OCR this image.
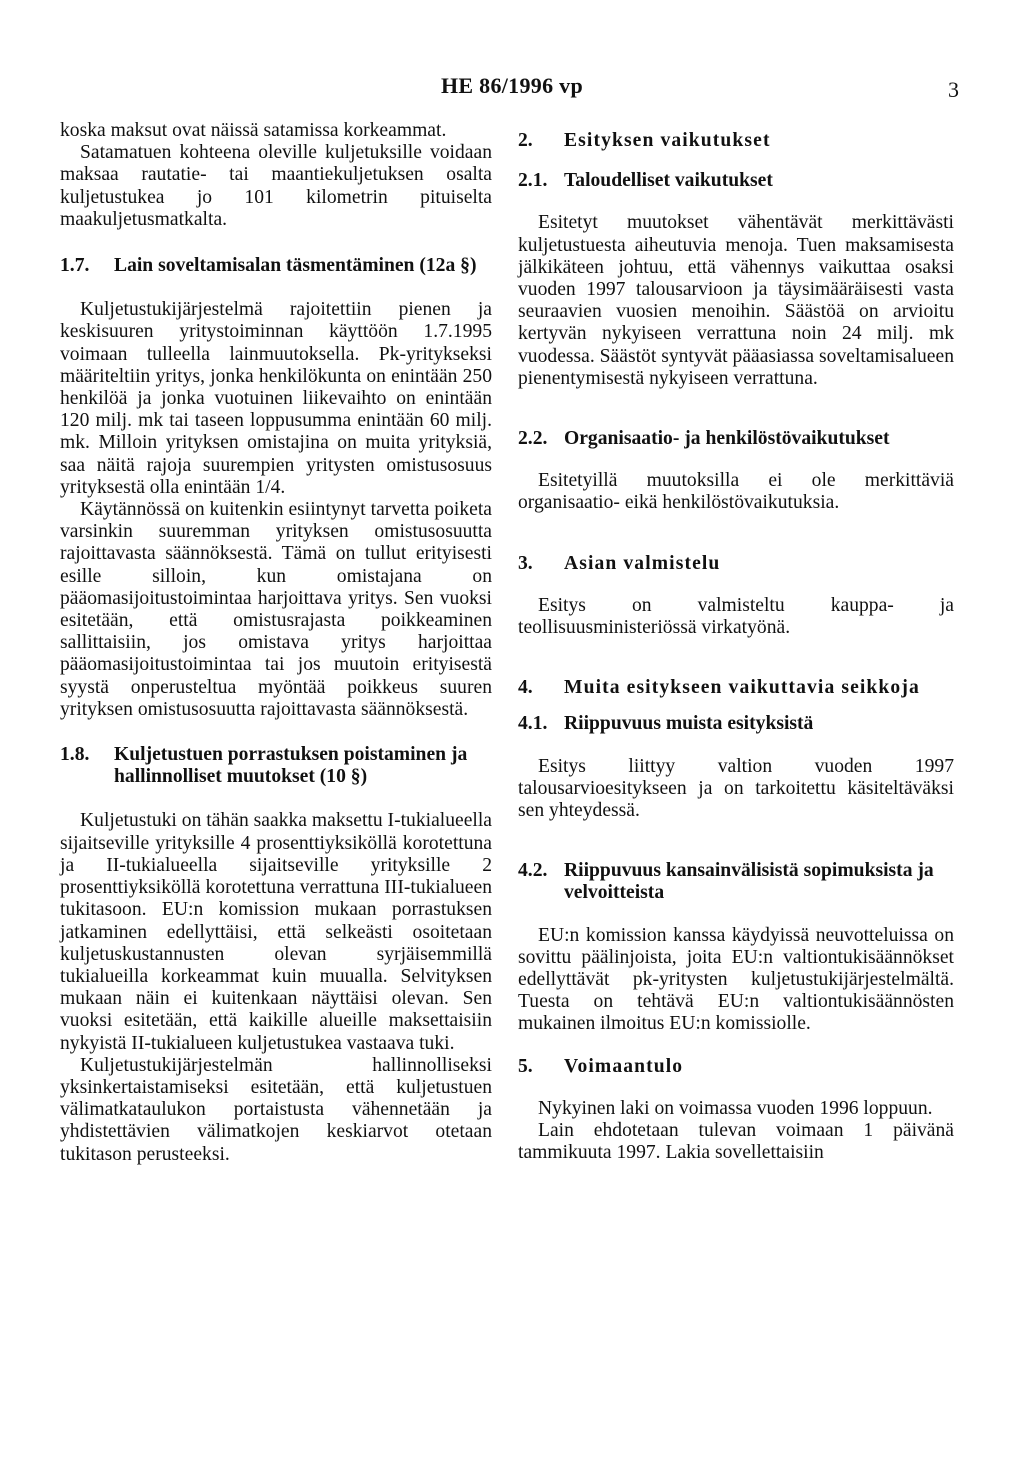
HE 86/1996 vp	3

koska maksut ovat näissä satamissa korkeammat.

Satamatuen kohteena oleville kuljetuksille voidaan maksaa rautatie- tai maantiekuljetuksen osalta kuljetustukea jo 101 kilometrin pituiselta maakuljetusmatkalta.

1.7.	Lain soveltamisalan täsmentäminen (12a §)

Kuljetustukijärjestelmä rajoitettiin pienen ja keskisuuren yritystoiminnan käyttöön 1.7.1995 voimaan tulleella lainmuutoksella. Pk-yritykseksi määriteltiin yritys, jonka henkilökunta on enintään 250 henkilöä ja jonka vuotuinen liikevaihto on enintään 120 milj. mk tai taseen loppusumma enintään 60 milj. mk. Milloin yrityksen omistajina on muita yrityksiä, saa näitä rajoja suurempien yritysten omistusosuus yrityksestä olla enintään 1/4.

Käytännössä on kuitenkin esiintynyt tarvetta poiketa varsinkin suuremman yrityksen omistusosuutta rajoittavasta säännöksestä. Tämä on tullut erityisesti esille silloin, kun omistajana on pääomasijoitustoimintaa harjoittava yritys. Sen vuoksi esitetään, että omistusrajasta poikkeaminen sallittaisiin, jos omistava yritys harjoittaa pääomasijoitustoimintaa tai jos muutoin erityisestä syystä onperusteltua myöntää poikkeus suuren yrityksen omistusosuutta rajoittavasta säännöksestä.

1.8.	Kuljetustuen porrastuksen poistaminen ja hallinnolliset muutokset (10 §)

Kuljetustuki on tähän saakka maksettu I-tukialueella sijaitseville yrityksille 4 prosenttiyksiköllä korotettuna ja II-tukialueella sijaitseville yrityksille 2 prosenttiyksiköllä korotettuna verrattuna III-tukialueen tukitasoon. EU:n komission mukaan porrastuksen jatkaminen edellyttäisi, että selkeästi osoitetaan kuljetuskustannusten olevan syrjäisemmillä tukialueilla korkeammat kuin muualla. Selvityksen mukaan näin ei kuitenkaan näyttäisi olevan. Sen vuoksi esitetään, että kaikille alueille maksettaisiin nykyistä II-tukialueen kuljetustukea vastaava tuki.

Kuljetustukijärjestelmän hallinnolliseksi yksinkertaistamiseksi esitetään, että kuljetustuen välimatkataulukon portaistusta vähennetään ja yhdistettävien välimatkojen keskiarvot otetaan tukitason perusteeksi.

2.	Esityksen vaikutukset
2.1. Taloudelliset vaikutukset

Esitetyt muutokset vähentävät merkittävästi kuljetustuesta aiheutuvia menoja. Tuen maksamisesta jälkikäteen johtuu, että vähennys vaikuttaa osaksi vuoden 1997 talousarvioon ja täysimääräisesti vasta seuraavien vuosien menoihin. Säästöä on arvioitu kertyvän nykyiseen verrattuna noin 24 milj. mk vuodessa. Säästöt syntyvät pääasiassa soveltamisalueen pienentymisestä nykyiseen verrattuna.

2.2. Organisaatio- ja henkilöstövaikutukset

Esitetyillä muutoksilla ei ole merkittäviä organisaatio- eikä henkilöstövaikutuksia.

3.	Asian valmistelu

Esitys on valmisteltu kauppa- ja teollisuusministeriössä virkatyönä.

4.	Muita esitykseen vaikuttavia seikkoja
4.1. Riippuvuus muista esityksistä

Esitys liittyy valtion vuoden 1997 talousarvioesitykseen ja on tarkoitettu käsiteltäväksi sen yhteydessä.

4.2. Riippuvuus kansainvälisistä sopimuksista ja velvoitteista

EU:n komission kanssa käydyissä neuvotteluissa on sovittu päälinjoista, joita EU:n valtiontukisäännökset edellyttävät pk-yritysten kuljetustukijärjestelmältä. Tuesta on tehtävä EU:n valtiontukisäännösten mukainen ilmoitus EU:n komissiolle.

5.	Voimaantulo

Nykyinen laki on voimassa vuoden 1996 loppuun.

Lain ehdotetaan tulevan voimaan 1 päivänä tammikuuta 1997. Lakia sovellettaisiin
